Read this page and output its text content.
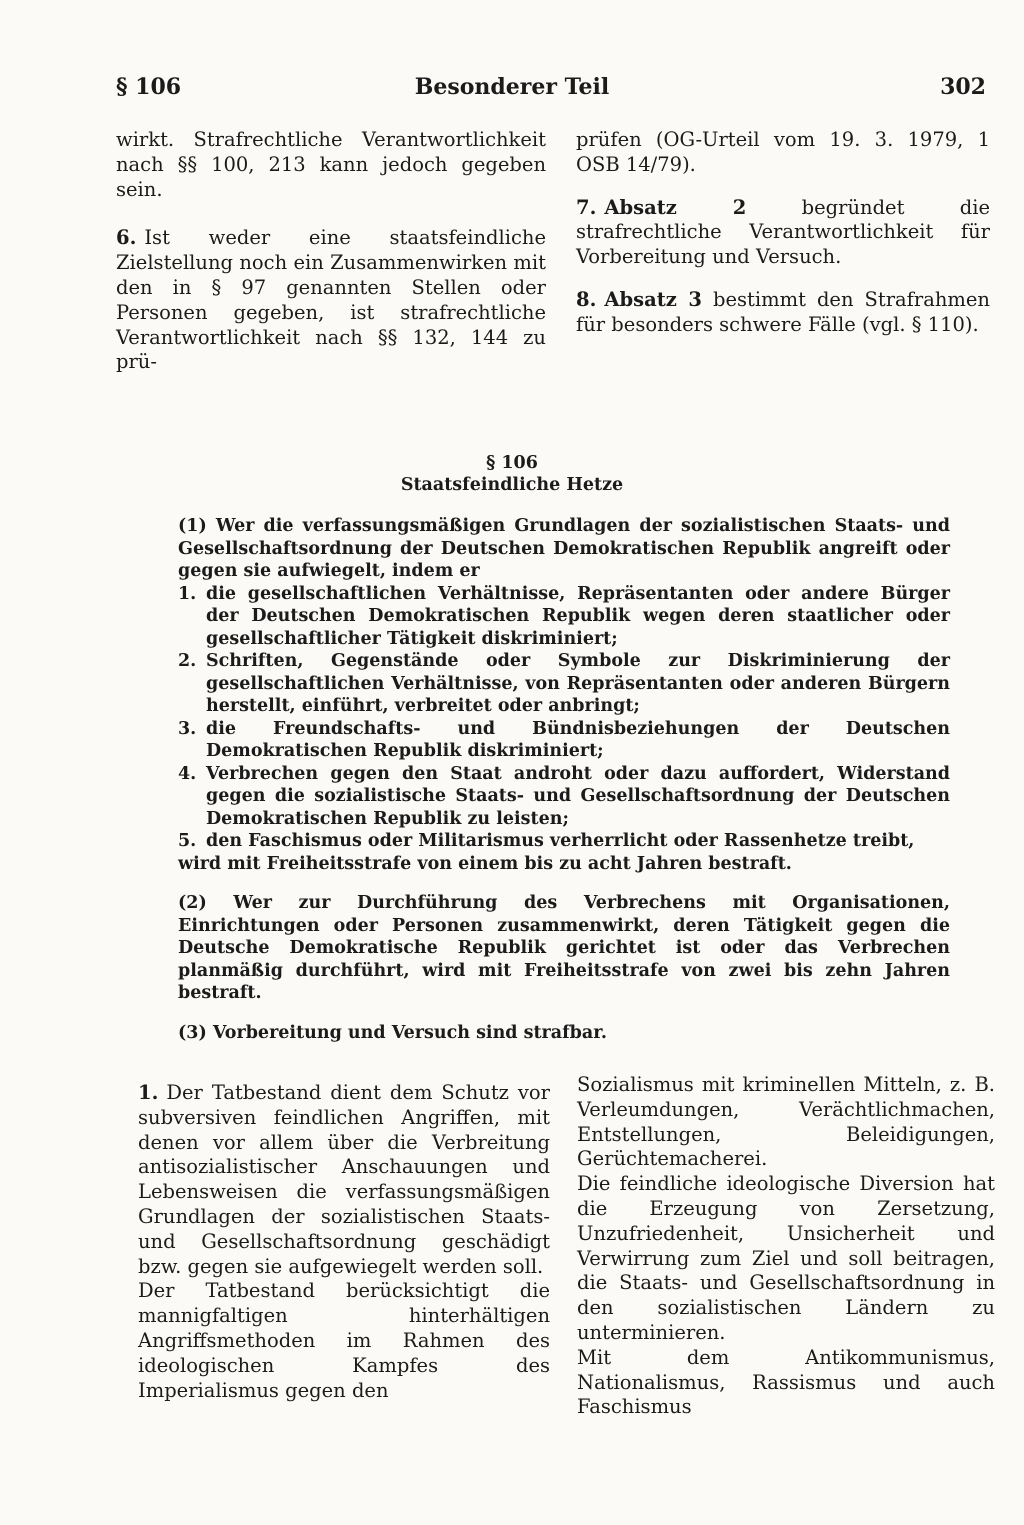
§ 106	Besonderer Teil	302

wirkt. Strafrechtliche Verantwortlichkeit nach §§ 100, 213 kann jedoch gegeben sein.

6. Ist weder eine staatsfeindliche Zielstellung noch ein Zusammenwirken mit den in § 97 genannten Stellen oder Personen gegeben, ist strafrechtliche Verantwortlichkeit nach §§ 132, 144 zu prü-

prüfen (OG-Urteil vom 19. 3. 1979, 1 OSB 14/79).

7. Absatz 2	begründet die strafrechtliche Verantwortlichkeit für Vorbereitung und Versuch.

8. Absatz 3 bestimmt den Strafrahmen für besonders schwere Fälle (vgl. § 110).

§ 106
Staatsfeindliche Hetze

(1) Wer die verfassungsmäßigen Grundlagen der sozialistischen Staats- und Gesellschaftsordnung der Deutschen Demokratischen Republik angreift oder gegen sie aufwiegelt, indem er

1. die gesellschaftlichen Verhältnisse, Repräsentanten oder andere Bürger der Deutschen Demokratischen Republik wegen deren staatlicher oder gesellschaftlicher Tätigkeit diskriminiert;
2. Schriften, Gegenstände oder Symbole zur Diskriminierung der gesellschaftlichen Verhältnisse, von Repräsentanten oder anderen Bürgern herstellt, einführt, verbreitet oder anbringt;
3. die Freundschafts- und Bündnisbeziehungen der Deutschen Demokratischen Republik diskriminiert;
4. Verbrechen gegen den Staat androht oder dazu auffordert, Widerstand gegen die sozialistische Staats- und Gesellschaftsordnung der Deutschen Demokratischen Republik zu leisten;
5. den Faschismus oder Militarismus verherrlicht oder Rassenhetze treibt,

wird mit Freiheitsstrafe von einem bis zu acht Jahren bestraft.

(2) Wer zur Durchführung des Verbrechens mit Organisationen, Einrichtungen oder Personen zusammenwirkt, deren Tätigkeit gegen die Deutsche Demokratische Republik gerichtet ist oder das Verbrechen planmäßig durchführt, wird mit Freiheitsstrafe von zwei bis zehn Jahren bestraft.

(3) Vorbereitung und Versuch sind strafbar.

1. Der Tatbestand dient dem Schutz vor subversiven feindlichen Angriffen, mit denen vor allem über die Verbreitung antisozialistischer Anschauungen und Lebensweisen die verfassungsmäßigen Grundlagen der sozialistischen Staats- und Gesellschaftsordnung geschädigt bzw. gegen sie aufgewiegelt werden soll.

Der Tatbestand berücksichtigt die mannigfaltigen hinterhältigen Angriffsmethoden im Rahmen des ideologischen Kampfes des Imperialismus gegen den

Sozialismus mit kriminellen Mitteln, z. B. Verleumdungen, Verächtlichmachen, Entstellungen, Beleidigungen, Gerüchtemacherei.

Die feindliche ideologische Diversion hat die Erzeugung von Zersetzung, Unzufriedenheit, Unsicherheit und Verwirrung zum Ziel und soll beitragen, die Staats- und Gesellschaftsordnung in den sozialistischen Ländern zu unterminieren.

Mit dem Antikommunismus, Nationalismus, Rassismus und auch Faschismus
